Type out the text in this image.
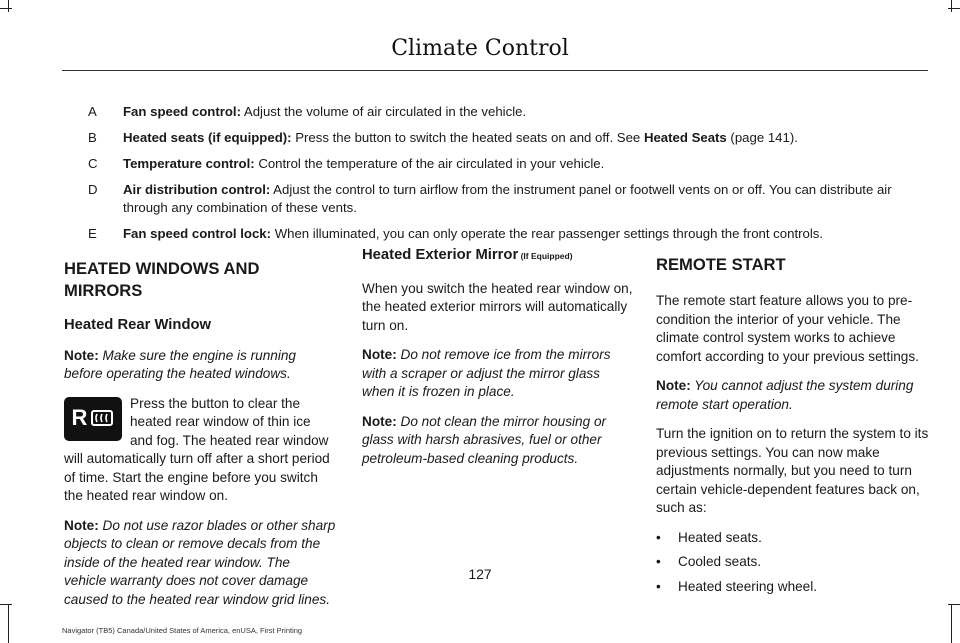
Climate Control
A	Fan speed control: Adjust the volume of air circulated in the vehicle.
B	Heated seats (if equipped): Press the button to switch the heated seats on and off. See Heated Seats (page 141).
C	Temperature control: Control the temperature of the air circulated in your vehicle.
D	Air distribution control: Adjust the control to turn airflow from the instrument panel or footwell vents on or off. You can distribute air through any combination of these vents.
E	Fan speed control lock: When illuminated, you can only operate the rear passenger settings through the front controls.
HEATED WINDOWS AND MIRRORS
Heated Rear Window

Note: Make sure the engine is running before operating the heated windows.

R
Press the button to clear the heated rear window of thin ice and fog. The heated rear window will automatically turn off after a short period of time. Start the engine before you switch the heated rear window on.

Note: Do not use razor blades or other sharp objects to clean or remove decals from the inside of the heated rear window. The vehicle warranty does not cover damage caused to the heated rear window grid lines.

Heated Exterior Mirror (If Equipped)

When you switch the heated rear window on, the heated exterior mirrors will automatically turn on.

Note: Do not remove ice from the mirrors with a scraper or adjust the mirror glass when it is frozen in place.

Note: Do not clean the mirror housing or glass with harsh abrasives, fuel or other petroleum-based cleaning products.

REMOTE START

The remote start feature allows you to pre-condition the interior of your vehicle. The climate control system works to achieve comfort according to your previous settings.

Note: You cannot adjust the system during remote start operation.

Turn the ignition on to return the system to its previous settings. You can now make adjustments normally, but you need to turn certain vehicle-dependent features back on, such as:

•	Heated seats.
•	Cooled seats.
•	Heated steering wheel.
127
Navigator (TB5) Canada/United States of America, enUSA, First Printing
